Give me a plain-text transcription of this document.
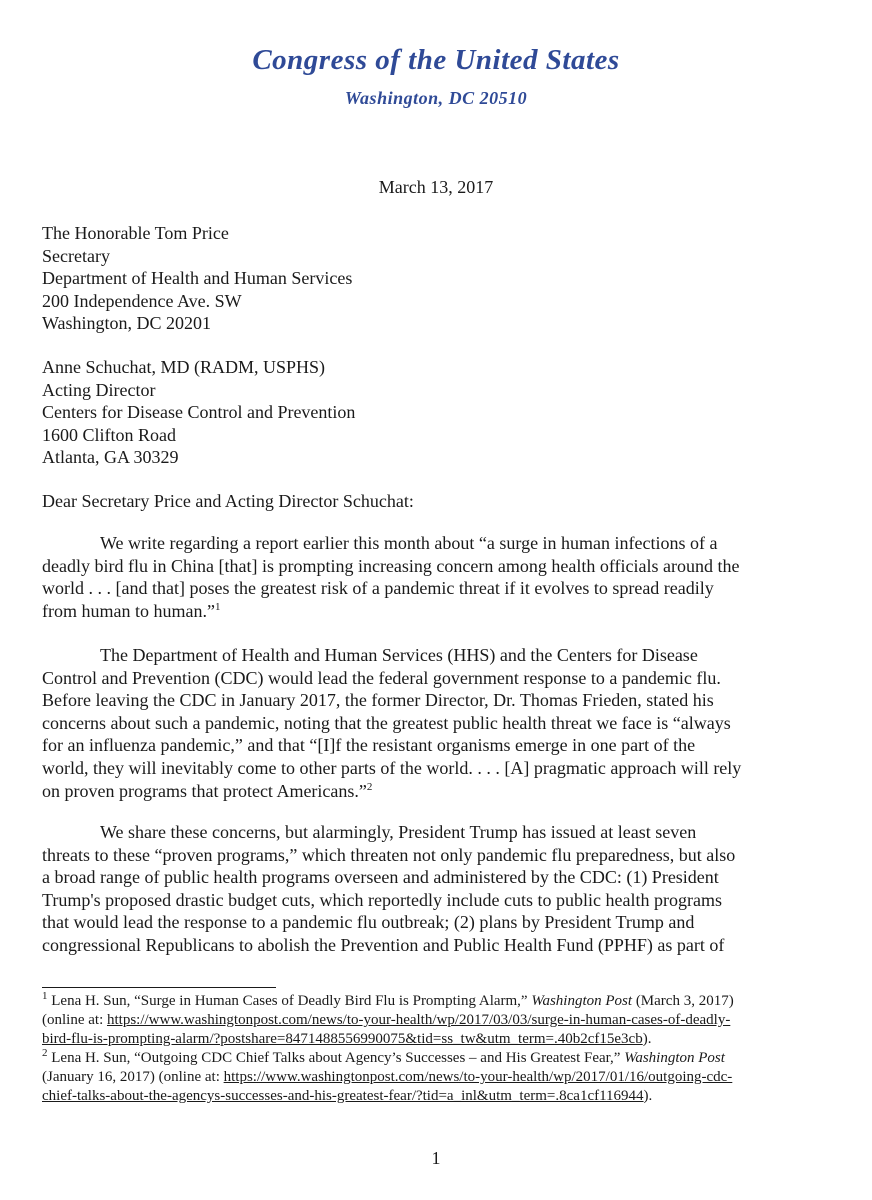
Congress of the United States
Washington, DC 20510
March 13, 2017
The Honorable Tom Price
Secretary
Department of Health and Human Services
200 Independence Ave. SW
Washington, DC 20201
Anne Schuchat, MD (RADM, USPHS)
Acting Director
Centers for Disease Control and Prevention
1600 Clifton Road
Atlanta, GA 30329
Dear Secretary Price and Acting Director Schuchat:
We write regarding a report earlier this month about “a surge in human infections of a
deadly bird flu in China [that] is prompting increasing concern among health officials around the
world . . . [and that] poses the greatest risk of a pandemic threat if it evolves to spread readily
from human to human.”$^1$
The Department of Health and Human Services (HHS) and the Centers for Disease
Control and Prevention (CDC) would lead the federal government response to a pandemic flu.
Before leaving the CDC in January 2017, the former Director, Dr. Thomas Frieden, stated his
concerns about such a pandemic, noting that the greatest public health threat we face is “always
for an influenza pandemic,” and that “[I]f the resistant organisms emerge in one part of the
world, they will inevitably come to other parts of the world. . . . [A] pragmatic approach will rely
on proven programs that protect Americans.”$^2$
We share these concerns, but alarmingly, President Trump has issued at least seven
threats to these “proven programs,” which threaten not only pandemic flu preparedness, but also
a broad range of public health programs overseen and administered by the CDC: (1) President
Trump's proposed drastic budget cuts, which reportedly include cuts to public health programs
that would lead the response to a pandemic flu outbreak; (2) plans by President Trump and
congressional Republicans to abolish the Prevention and Public Health Fund (PPHF) as part of
$^1$ Lena H. Sun, “Surge in Human Cases of Deadly Bird Flu is Prompting Alarm,” Washington Post (March 3, 2017)
(online at: https://www.washingtonpost.com/news/to-your-health/wp/2017/03/03/surge-in-human-cases-of-deadly-
bird-flu-is-prompting-alarm/?postshare=8471488556990075&tid=ss_tw&utm_term=.40b2cf15e3cb).
$^2$ Lena H. Sun, “Outgoing CDC Chief Talks about Agency’s Successes – and His Greatest Fear,” Washington Post
(January 16, 2017) (online at: https://www.washingtonpost.com/news/to-your-health/wp/2017/01/16/outgoing-cdc-
chief-talks-about-the-agencys-successes-and-his-greatest-fear/?tid=a_inl&utm_term=.8ca1cf116944).
1
